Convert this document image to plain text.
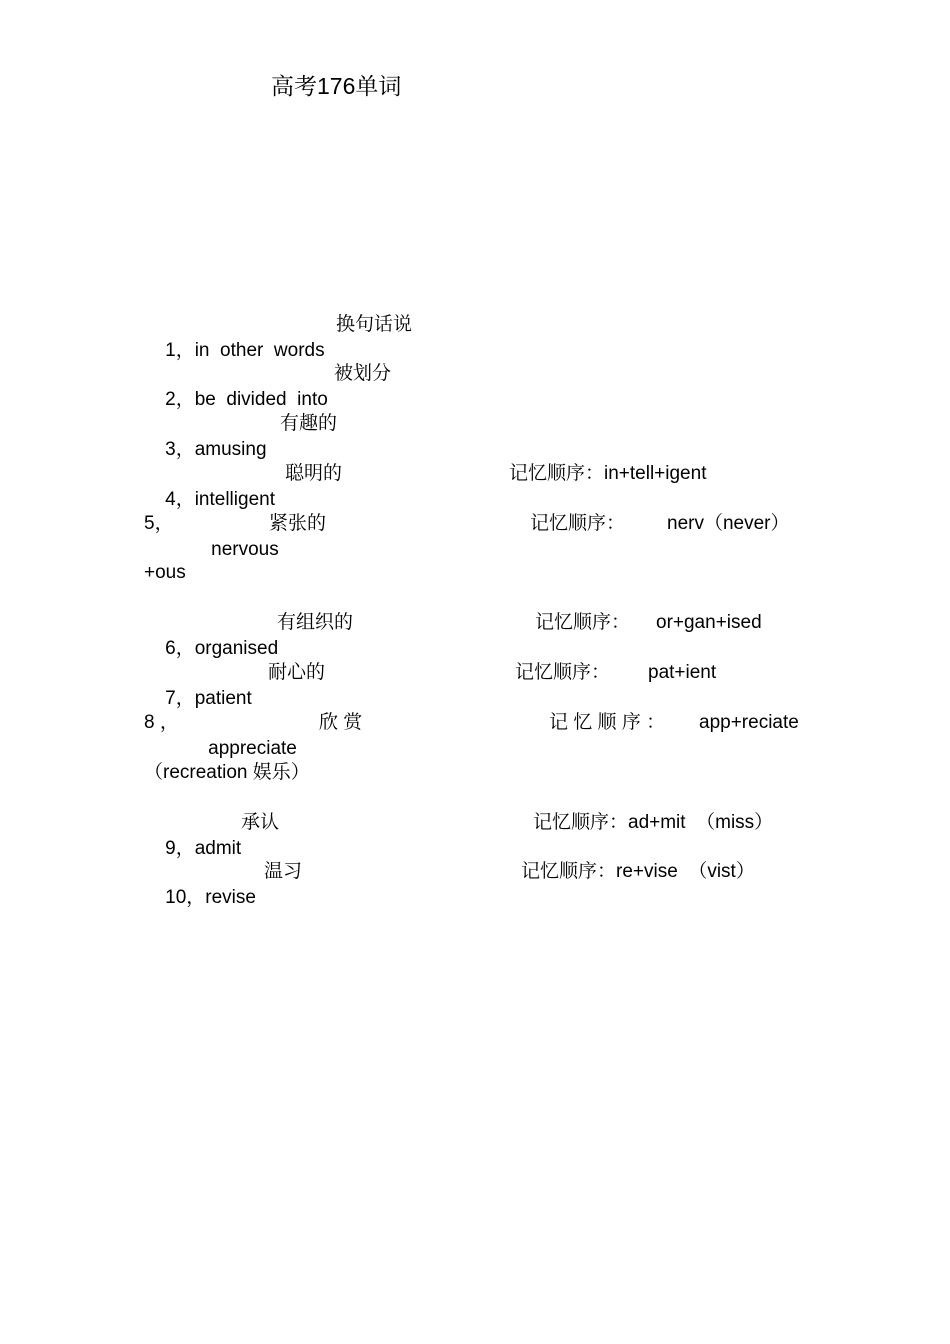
高考176单词

1，in  other  words

换句话说

2，be  divided  into

被划分

3，amusing

有趣的

4，intelligent

聪明的	记忆顺序：in+tell+igent
5，

nervous

紧张的	记忆顺序： nerv（never）
+ous

6，organised

有组织的	记忆顺序： or+gan+ised

7，patient

耐心的	记忆顺序： pat+ient
8 ，

appreciate

欣 赏	记 忆 顺 序 ： app+reciate
（recreation 娱乐）

9，admit

承认	记忆顺序：ad+mit  （miss）

10，revise

温习	记忆顺序：re+vise  （vist）
